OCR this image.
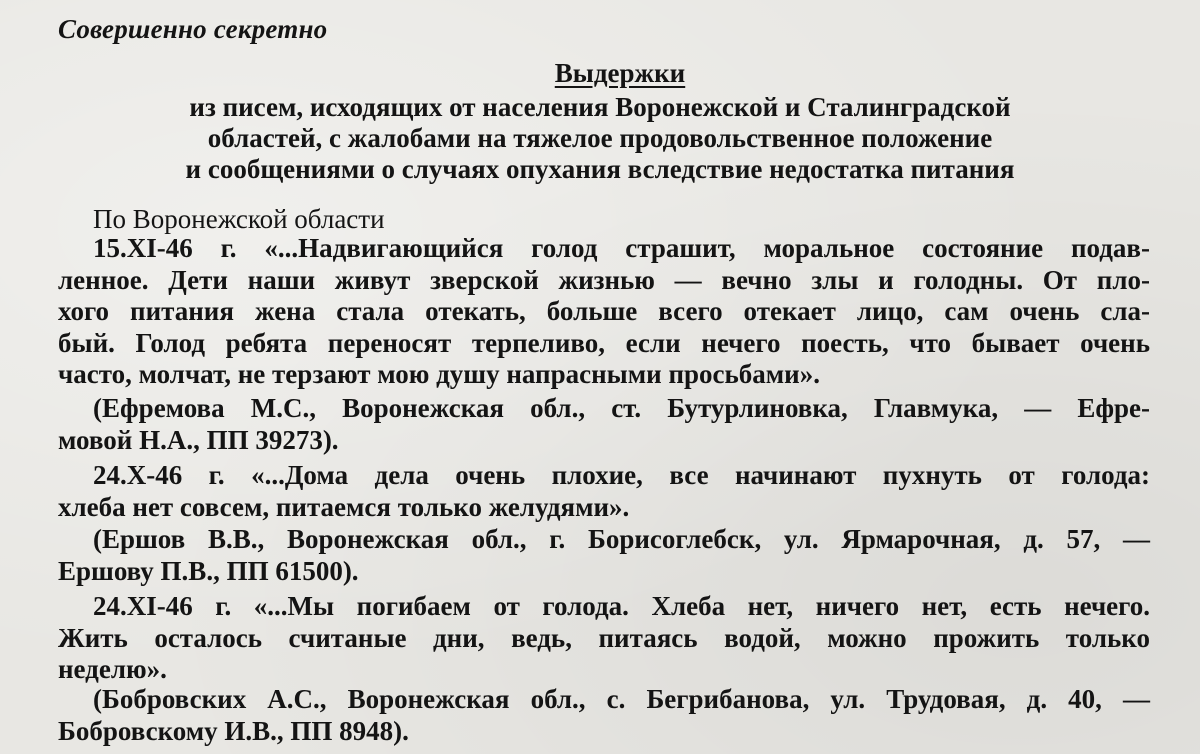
Совершенно секретно
Выдержки
из писем, исходящих от населения Воронежской и Сталинградской
областей, с жалобами на тяжелое продовольственное положение
и сообщениями о случаях опухания вследствие недостатка питания
По Воронежской области
15.XI-46 г. «...Надвигающийся голод страшит, моральное состояние подав-
ленное. Дети наши живут зверской жизнью — вечно злы и голодны. От пло-
хого питания жена стала отекать, больше всего отекает лицо, сам очень сла-
бый. Голод ребята переносят терпеливо, если нечего поесть, что бывает очень
часто, молчат, не терзают мою душу напрасными просьбами».
(Ефремова М.С., Воронежская обл., ст. Бутурлиновка, Главмука, — Ефре-
мовой Н.А., ПП 39273).
24.X-46 г. «...Дома дела очень плохие, все начинают пухнуть от голода:
хлеба нет совсем, питаемся только желудями».
(Ершов В.В., Воронежская обл., г. Борисоглебск, ул. Ярмарочная, д. 57, —
Ершову П.В., ПП 61500).
24.XI-46 г. «...Мы погибаем от голода. Хлеба нет, ничего нет, есть нечего.
Жить осталось считаные дни, ведь, питаясь водой, можно прожить только
неделю».
(Бобровских А.С., Воронежская обл., с. Бегрибанова, ул. Трудовая, д. 40, —
Бобровскому И.В., ПП 8948).
